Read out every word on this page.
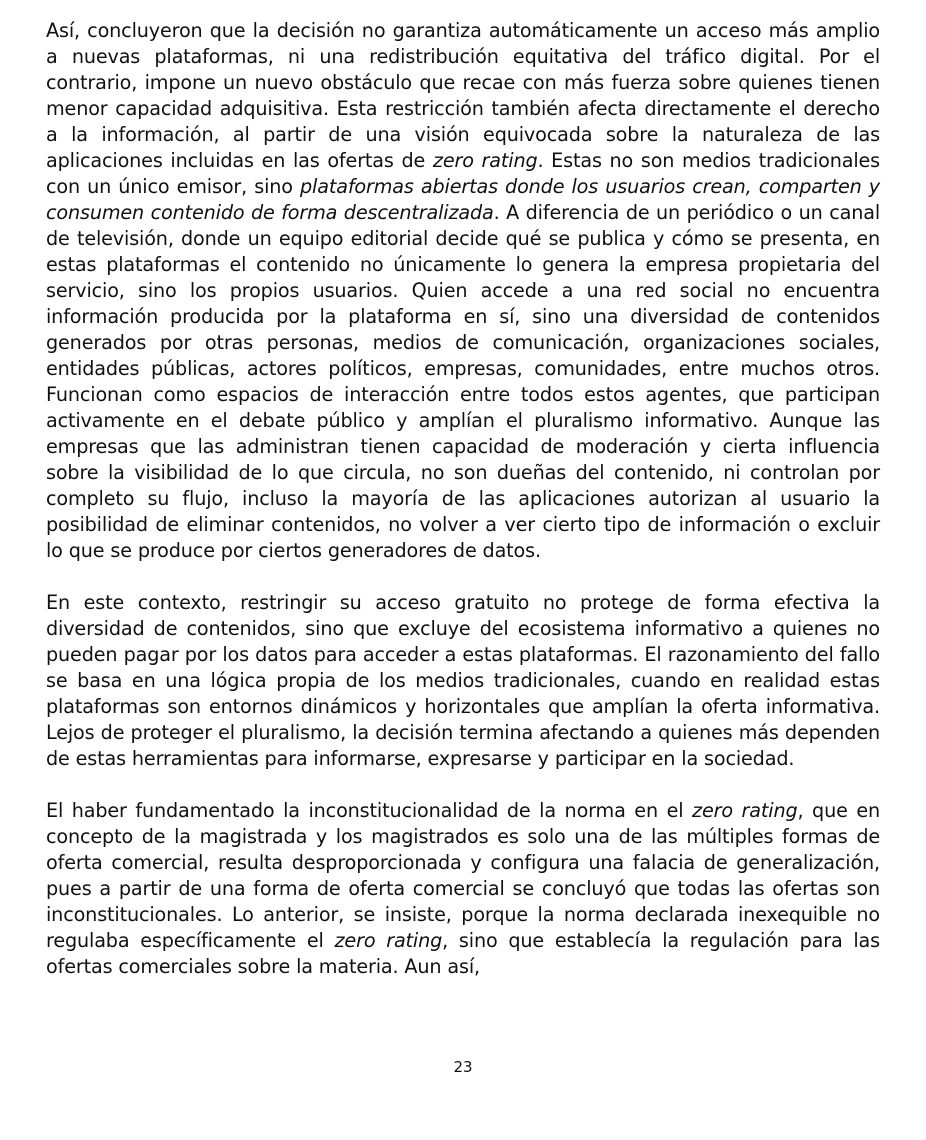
Así, concluyeron que la decisión no garantiza automáticamente un acceso más amplio a nuevas plataformas, ni una redistribución equitativa del tráfico digital. Por el contrario, impone un nuevo obstáculo que recae con más fuerza sobre quienes tienen menor capacidad adquisitiva. Esta restricción también afecta directamente el derecho a la información, al partir de una visión equivocada sobre la naturaleza de las aplicaciones incluidas en las ofertas de zero rating. Estas no son medios tradicionales con un único emisor, sino plataformas abiertas donde los usuarios crean, comparten y consumen contenido de forma descentralizada. A diferencia de un periódico o un canal de televisión, donde un equipo editorial decide qué se publica y cómo se presenta, en estas plataformas el contenido no únicamente lo genera la empresa propietaria del servicio, sino los propios usuarios. Quien accede a una red social no encuentra información producida por la plataforma en sí, sino una diversidad de contenidos generados por otras personas, medios de comunicación, organizaciones sociales, entidades públicas, actores políticos, empresas, comunidades, entre muchos otros. Funcionan como espacios de interacción entre todos estos agentes, que participan activamente en el debate público y amplían el pluralismo informativo. Aunque las empresas que las administran tienen capacidad de moderación y cierta influencia sobre la visibilidad de lo que circula, no son dueñas del contenido, ni controlan por completo su flujo, incluso la mayoría de las aplicaciones autorizan al usuario la posibilidad de eliminar contenidos, no volver a ver cierto tipo de información o excluir lo que se produce por ciertos generadores de datos.

En este contexto, restringir su acceso gratuito no protege de forma efectiva la diversidad de contenidos, sino que excluye del ecosistema informativo a quienes no pueden pagar por los datos para acceder a estas plataformas. El razonamiento del fallo se basa en una lógica propia de los medios tradicionales, cuando en realidad estas plataformas son entornos dinámicos y horizontales que amplían la oferta informativa. Lejos de proteger el pluralismo, la decisión termina afectando a quienes más dependen de estas herramientas para informarse, expresarse y participar en la sociedad.

El haber fundamentado la inconstitucionalidad de la norma en el zero rating, que en concepto de la magistrada y los magistrados es solo una de las múltiples formas de oferta comercial, resulta desproporcionada y configura una falacia de generalización, pues a partir de una forma de oferta comercial se concluyó que todas las ofertas son inconstitucionales. Lo anterior, se insiste, porque la norma declarada inexequible no regulaba específicamente el zero rating, sino que establecía la regulación para las ofertas comerciales sobre la materia. Aun así,

23
